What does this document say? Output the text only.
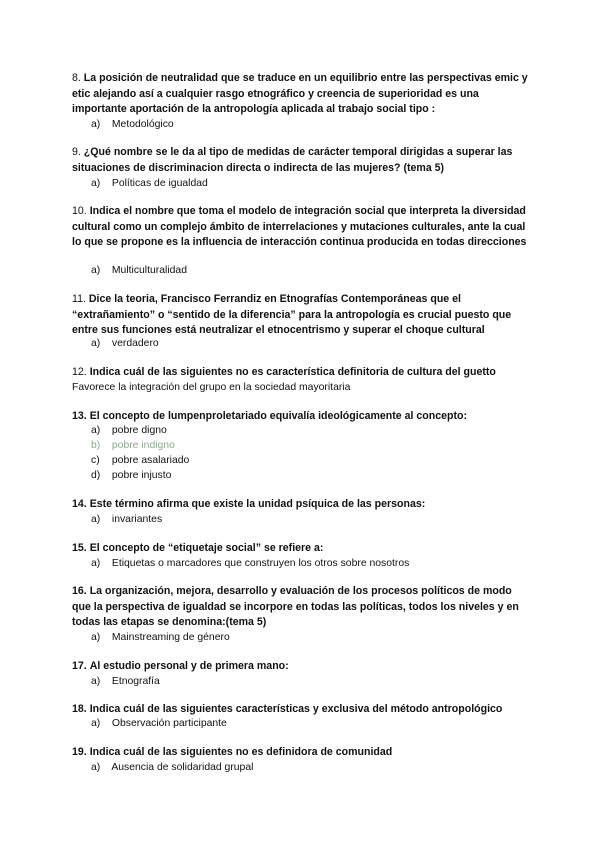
8. La posición de neutralidad que se traduce en un equilibrio entre las perspectivas emic y etic alejando así a cualquier rasgo etnográfico y creencia de superioridad es una importante aportación de la antropología aplicada al trabajo social tipo :
a) Metodológico
9. ¿Qué nombre se le da al tipo de medidas de carácter temporal dirigidas a superar las situaciones de discriminacion directa o indirecta de las mujeres? (tema 5)
a) Políticas de igualdad
10. Indica el nombre que toma el modelo de integración social que interpreta la diversidad cultural como un complejo ámbito de interrelaciones y mutaciones culturales, ante la cual lo que se propone es la influencia de interacción continua producida en todas direcciones
a) Multiculturalidad
11. Dice la teoria, Francisco Ferrandiz en Etnografías Contemporáneas que el “extrañamiento” o “sentido de la diferencia” para la antropología es crucial puesto que entre sus funciones está neutralizar el etnocentrismo y superar el choque cultural
a) verdadero
12. Indica cuál de las siguientes no es característica definitoria de cultura del guetto
Favorece la integración del grupo en la sociedad mayoritaria
13. El concepto de lumpenproletariado equivalía ideológicamente al concepto:
a) pobre digno
b) pobre indigno
c) pobre asalariado
d) pobre injusto
14. Este término afirma que existe la unidad psíquica de las personas:
a) invariantes
15. El concepto de “etiquetaje social” se refiere a:
a) Etiquetas o marcadores que construyen los otros sobre nosotros
16. La organización, mejora, desarrollo y evaluación de los procesos políticos de modo que la perspectiva de igualdad se incorpore en todas las políticas, todos los niveles y en todas las etapas se denomina:(tema 5)
a) Mainstreaming de género
17. Al estudio personal y de primera mano:
a) Etnografía
18. Indica cuál de las siguientes características y exclusiva del método antropológico
a) Observación participante
19. Indica cuál de las siguientes no es definidora de comunidad
a) Ausencia de solidaridad grupal
